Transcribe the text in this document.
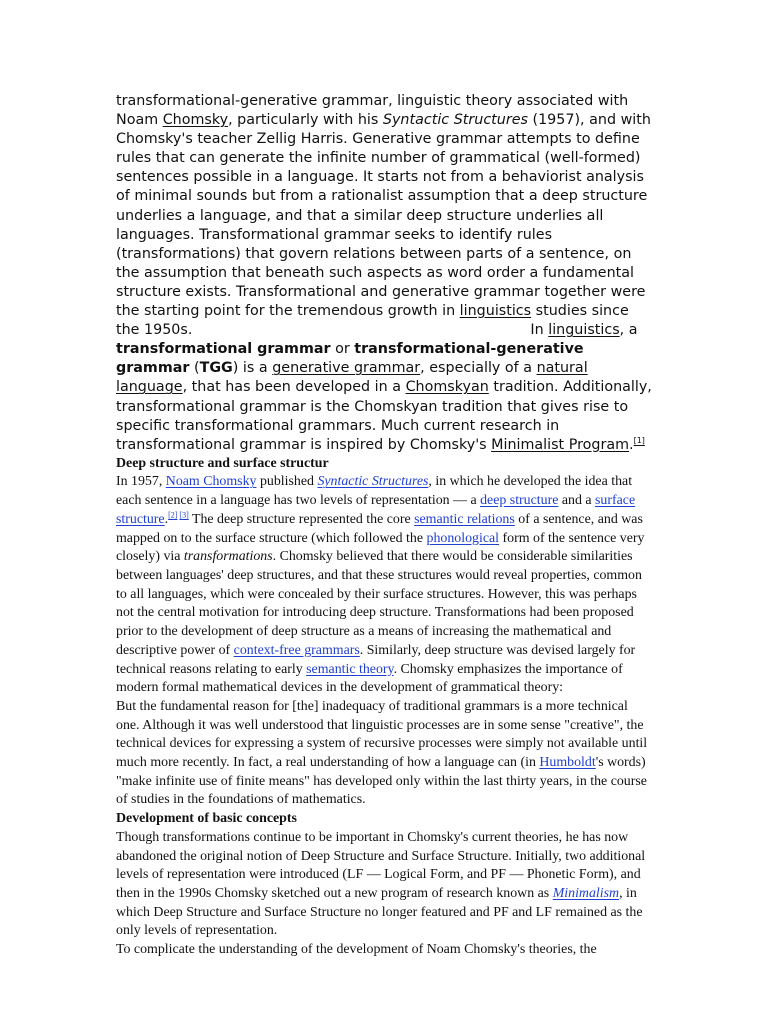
transformational-generative grammar, linguistic theory associated with Noam Chomsky, particularly with his Syntactic Structures (1957), and with Chomsky's teacher Zellig Harris. Generative grammar attempts to define rules that can generate the infinite number of grammatical (well-formed) sentences possible in a language. It starts not from a behaviorist analysis of minimal sounds but from a rationalist assumption that a deep structure underlies a language, and that a similar deep structure underlies all languages. Transformational grammar seeks to identify rules (transformations) that govern relations between parts of a sentence, on the assumption that beneath such aspects as word order a fundamental structure exists. Transformational and generative grammar together were the starting point for the tremendous growth in linguistics studies since the 1950s.	In linguistics, a transformational grammar or transformational-generative grammar (TGG) is a generative grammar, especially of a natural language, that has been developed in a Chomskyan tradition. Additionally, transformational grammar is the Chomskyan tradition that gives rise to specific transformational grammars. Much current research in transformational grammar is inspired by Chomsky's Minimalist Program.[1]

Deep structure and surface structur

In 1957, Noam Chomsky published Syntactic Structures, in which he developed the idea that each sentence in a language has two levels of representation — a deep structure and a surface structure.[2] [3] The deep structure represented the core semantic relations of a sentence, and was mapped on to the surface structure (which followed the phonological form of the sentence very closely) via transformations. Chomsky believed that there would be considerable similarities between languages' deep structures, and that these structures would reveal properties, common to all languages, which were concealed by their surface structures. However, this was perhaps not the central motivation for introducing deep structure. Transformations had been proposed prior to the development of deep structure as a means of increasing the mathematical and descriptive power of context-free grammars. Similarly, deep structure was devised largely for technical reasons relating to early semantic theory. Chomsky emphasizes the importance of modern formal mathematical devices in the development of grammatical theory:

But the fundamental reason for [the] inadequacy of traditional grammars is a more technical one. Although it was well understood that linguistic processes are in some sense "creative", the technical devices for expressing a system of recursive processes were simply not available until much more recently. In fact, a real understanding of how a language can (in Humboldt's words) "make infinite use of finite means" has developed only within the last thirty years, in the course of studies in the foundations of mathematics.

Development of basic concepts

Though transformations continue to be important in Chomsky's current theories, he has now abandoned the original notion of Deep Structure and Surface Structure. Initially, two additional levels of representation were introduced (LF — Logical Form, and PF — Phonetic Form), and then in the 1990s Chomsky sketched out a new program of research known as Minimalism, in which Deep Structure and Surface Structure no longer featured and PF and LF remained as the only levels of representation.

To complicate the understanding of the development of Noam Chomsky's theories, the
